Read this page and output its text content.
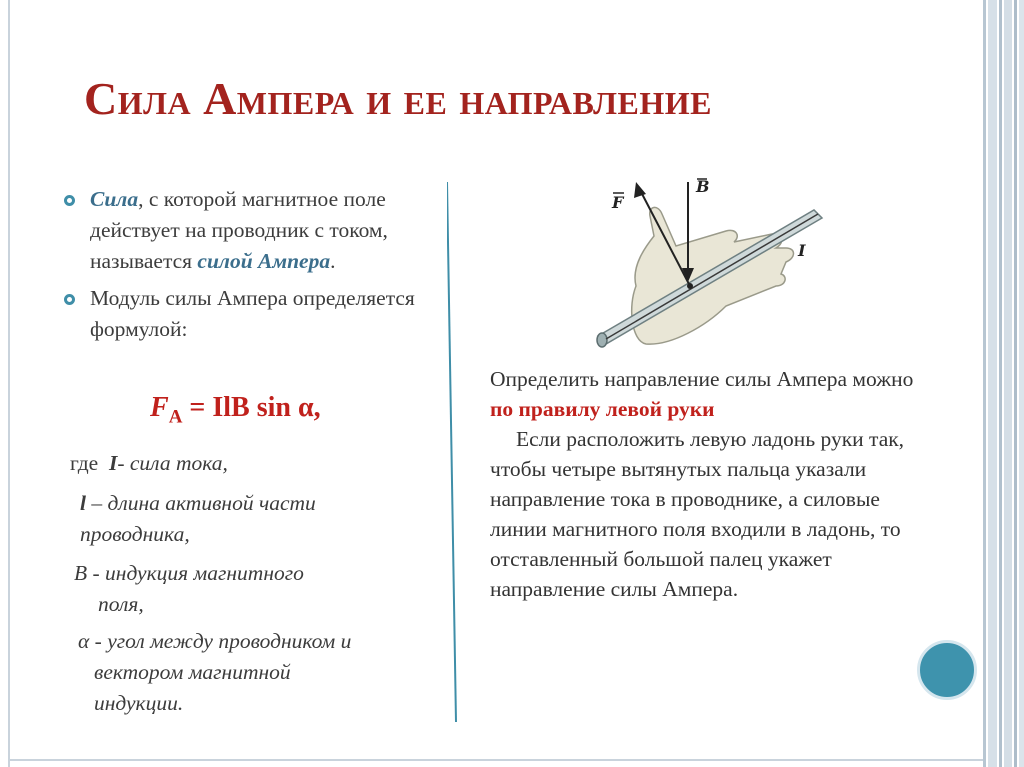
Сила Ампера и ее направление
Сила, с которой магнитное поле действует на проводник с током, называется силой Ампера.
Модуль силы Ампера определяется формулой:
$F_A$ = IlB sin α,
где I- сила тока,
l – длина активной части
проводника,
B - индукция магнитного
поля,
α - угол между проводником и
вектором магнитной
индукции.
F
B
I

Определить направление силы Ампера можно по правилу левой руки

Если расположить левую ладонь руки так, чтобы четыре вытянутых пальца указали направление тока в проводнике, а силовые линии магнитного поля входили в ладонь, то отставленный большой палец укажет направление силы Ампера.
